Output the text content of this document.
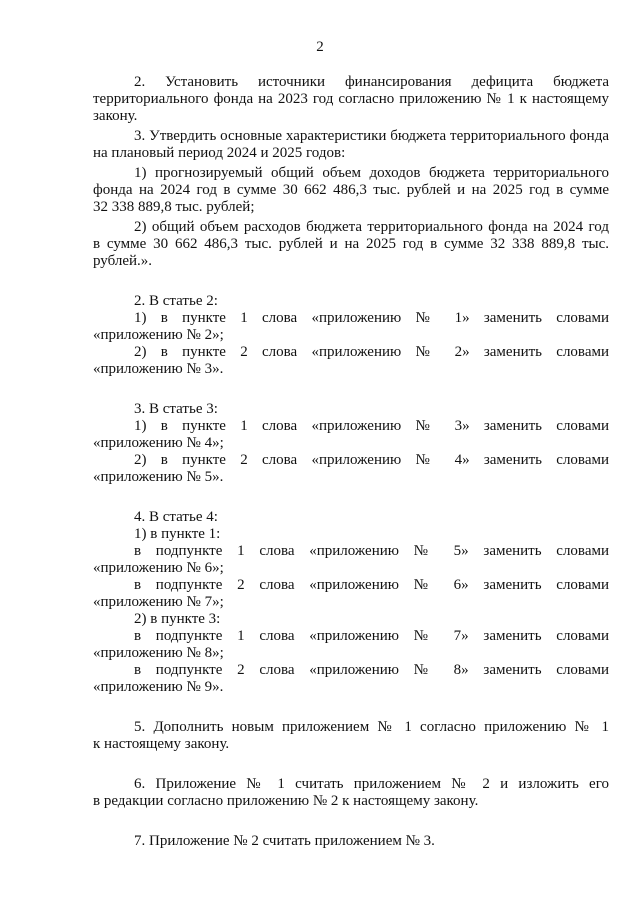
2
2. Установить источники финансирования дефицита бюджета
территориального фонда на 2023 год согласно приложению № 1 к настоящему
закону.
3. Утвердить основные характеристики бюджета территориального фонда
на плановый период 2024 и 2025 годов:
1) прогнозируемый общий объем доходов бюджета территориального
фонда на 2024 год в сумме 30 662 486,3 тыс. рублей и на 2025 год в сумме
32 338 889,8 тыс. рублей;
2) общий объем расходов бюджета территориального фонда на 2024 год
в сумме 30 662 486,3 тыс. рублей и на 2025 год в сумме 32 338 889,8 тыс.
рублей.».
2. В статье 2:
1) в пункте 1 слова «приложению № 1» заменить словами
«приложению № 2»;
2) в пункте 2 слова «приложению № 2» заменить словами
«приложению № 3».
3. В статье 3:
1) в пункте 1 слова «приложению № 3» заменить словами
«приложению № 4»;
2) в пункте 2 слова «приложению № 4» заменить словами
«приложению № 5».
4. В статье 4:
1) в пункте 1:
в подпункте 1 слова «приложению № 5» заменить словами
«приложению № 6»;
в подпункте 2 слова «приложению № 6» заменить словами
«приложению № 7»;
2) в пункте 3:
в подпункте 1 слова «приложению № 7» заменить словами
«приложению № 8»;
в подпункте 2 слова «приложению № 8» заменить словами
«приложению № 9».
5. Дополнить новым приложением № 1 согласно приложению № 1
к настоящему закону.
6. Приложение № 1 считать приложением № 2 и изложить его
в редакции согласно приложению № 2 к настоящему закону.
7. Приложение № 2 считать приложением № 3.
